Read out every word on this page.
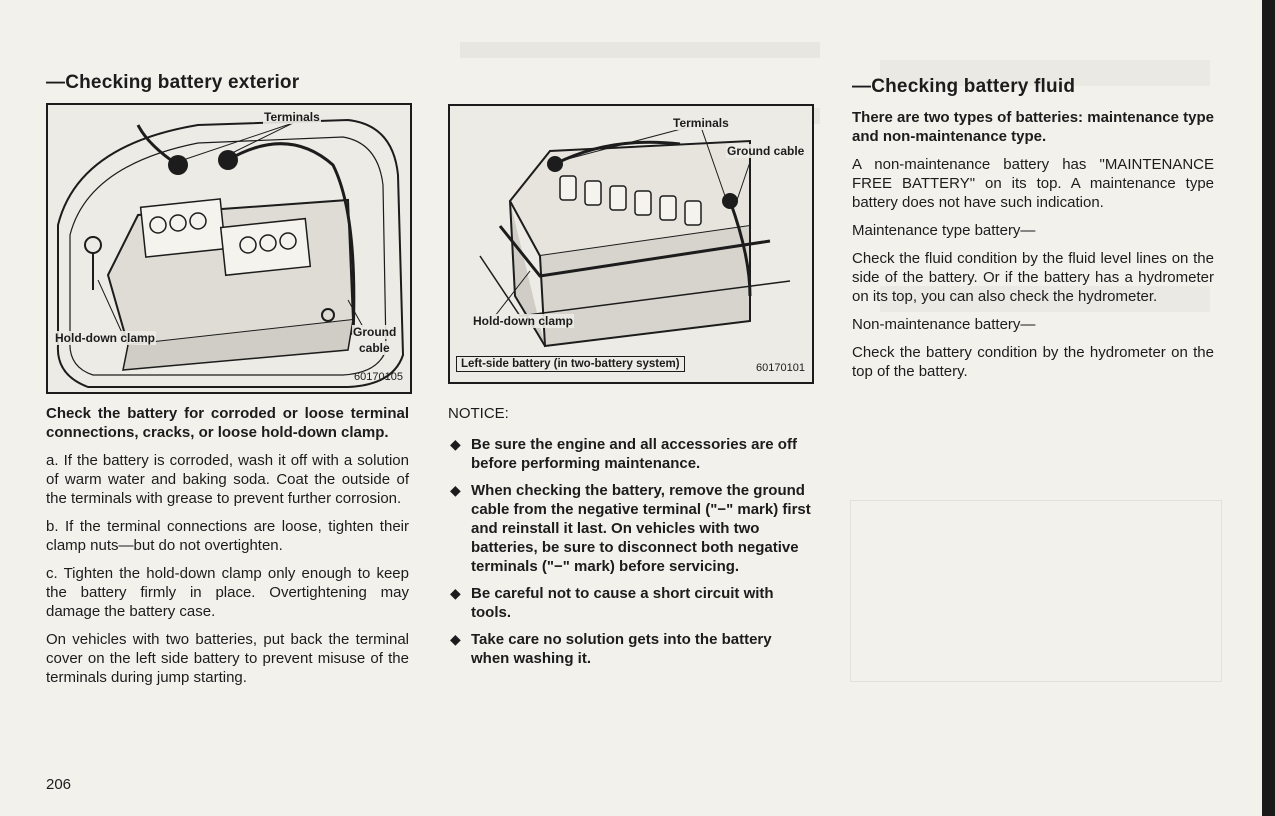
—Checking battery exterior
Terminals
Hold-down clamp	Ground
cable
60170105

Check the battery for corroded or loose terminal connections, cracks, or loose hold-down clamp.

a. If the battery is corroded, wash it off with a solution of warm water and baking soda. Coat the outside of the terminals with grease to prevent further corrosion.

b. If the terminal connections are loose, tighten their clamp nuts—but do not overtighten.

c. Tighten the hold-down clamp only enough to keep the battery firmly in place. Overtightening may damage the battery case.

On vehicles with two batteries, put back the terminal cover on the left side battery to prevent misuse of the terminals during jump starting.

206
Terminals
Ground cable
Hold-down clamp
Left-side battery (in two-battery system)	60170101

NOTICE:

◆ Be sure the engine and all accessories are off before performing maintenance.
◆ When checking the battery, remove the ground cable from the negative terminal ("−" mark) first and reinstall it last. On vehicles with two batteries, be sure to disconnect both negative terminals ("−" mark) before servicing.
◆ Be careful not to cause a short circuit with tools.
◆ Take care no solution gets into the battery when washing it.
—Checking battery fluid

There are two types of batteries: maintenance type and non-maintenance type.

A non-maintenance battery has "MAINTENANCE FREE BATTERY" on its top. A maintenance type battery does not have such indication.

Maintenance type battery—

Check the fluid condition by the fluid level lines on the side of the battery. Or if the battery has a hydrometer on its top, you can also check the hydrometer.

Non-maintenance battery—

Check the battery condition by the hydrometer on the top of the battery.
